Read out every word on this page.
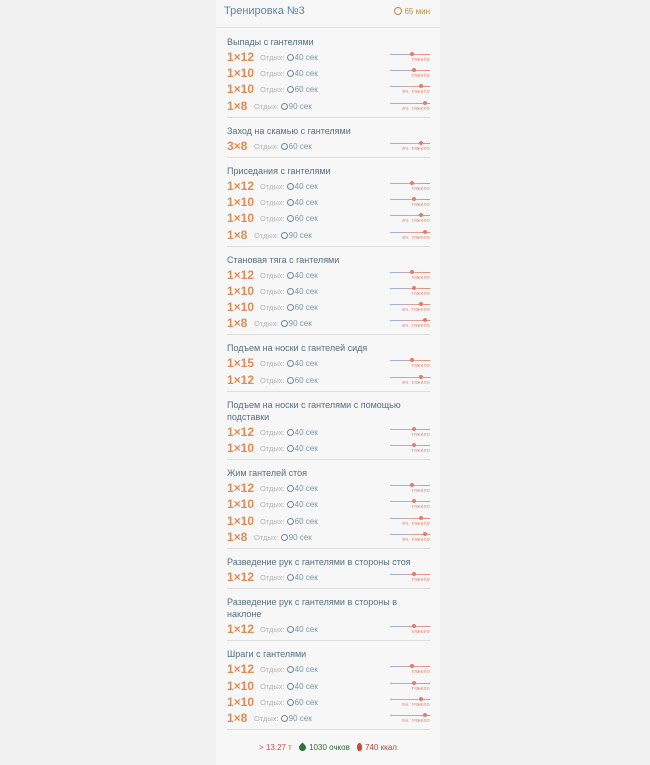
Тренировка №3	65 мин
Выпады с гантелями
1×12 Отдых: 40 сек	тяжело
1×10 Отдых: 40 сек	тяжело
1×10 Отдых: 60 сек	оч. тяжело
1×8 Отдых: 90 сек	оч. тяжело
Заход на скамью с гантелями
3×8 Отдых: 60 сек	оч. тяжело
Приседания с гантелями
1×12 Отдых: 40 сек	тяжело
1×10 Отдых: 40 сек	тяжело
1×10 Отдых: 60 сек	оч. тяжело
1×8 Отдых: 90 сек	оч. тяжело
Становая тяга с гантелями
1×12 Отдых: 40 сек	тяжело
1×10 Отдых: 40 сек	тяжело
1×10 Отдых: 60 сек	оч. тяжело
1×8 Отдых: 90 сек	оч. тяжело
Подъем на носки с гантелей сидя
1×15 Отдых: 40 сек	тяжело
1×12 Отдых: 60 сек	оч. тяжело
Подъем на носки с гантелями с помощью подставки
1×12 Отдых: 40 сек	тяжело
1×10 Отдых: 40 сек	тяжело
Жим гантелей стоя
1×12 Отдых: 40 сек	тяжело
1×10 Отдых: 40 сек	тяжело
1×10 Отдых: 60 сек	оч. тяжело
1×8 Отдых: 90 сек	оч. тяжело
Разведение рук с гантелями в стороны стоя
1×12 Отдых: 40 сек	тяжело
Разведение рук с гантелями в стороны в наклоне
1×12 Отдых: 40 сек	тяжело
Шраги с гантелями
1×12 Отдых: 40 сек	тяжело
1×10 Отдых: 40 сек	тяжело
1×10 Отдых: 60 сек	оч. тяжело
1×8 Отдых: 90 сек	оч. тяжело
> 13.27 т 1030 очков 740 ккал
